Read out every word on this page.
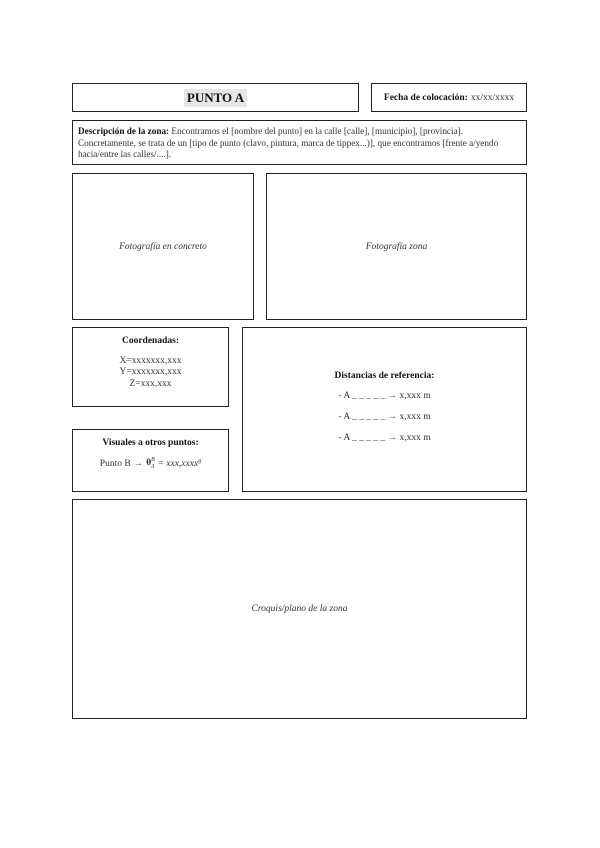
PUNTO A	Fecha de colocación: xx/xx/xxxx
Descripción de la zona: Encontramos el [nombre del punto] en la calle [calle], [municipio], [provincia]. Concretamente, se trata de un [tipo de punto (clavo, pintura, marca de tippex...)], que encontramos [frente a/yendo hacia/entre las calles/....].
Fotografía en concreto	Fotografía zona
Coordenadas:
X=xxxxxxx,xxx
Y=xxxxxxx,xxx
Z=xxx,xxx
Visuales a otros puntos:
Punto $B \to \theta^B_A$ = xxx,xxxx$^g$
Distancias de referencia:
- A _ _ _ _ _ → x,xxx m
- A _ _ _ _ _ → x,xxx m
- A _ _ _ _ _ → x,xxx m
Croquis/plano de la zona
